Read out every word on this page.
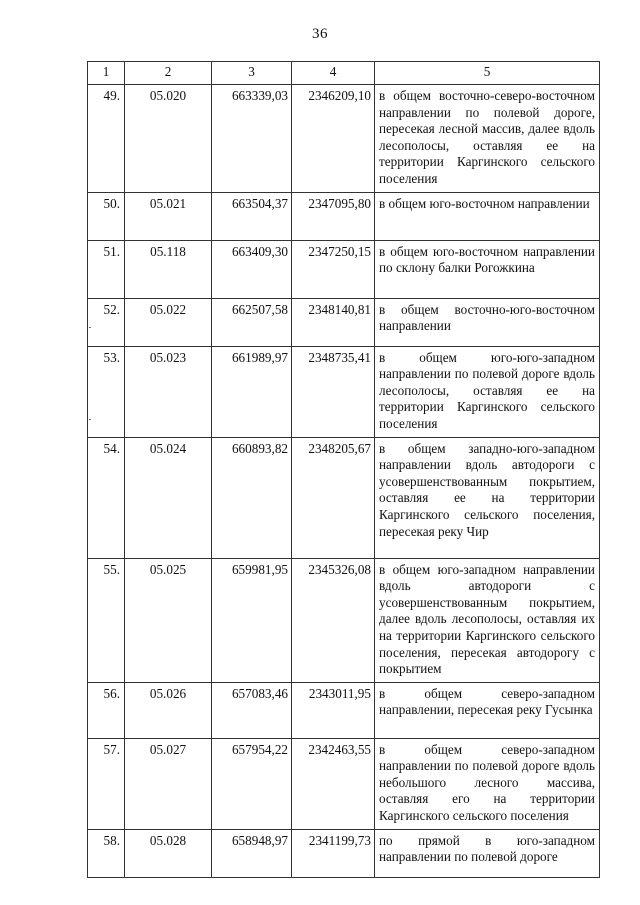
36
1	2	3	4	5
49.	05.020	663339,03	2346209,10	в общем восточно-северо-восточном направлении по полевой дороге, пересекая лесной массив, далее вдоль лесополосы, оставляя ее на территории Каргинского сельского поселения
50.	05.021	663504,37	2347095,80	в общем юго-восточном направлении
51.	05.118	663409,30	2347250,15	в общем юго-восточном направлении по склону балки Рогожкина
52.	05.022	662507,58	2348140,81	в общем восточно-юго-восточном направлении
53.	05.023	661989,97	2348735,41	в общем юго-юго-западном направлении по полевой дороге вдоль лесополосы, оставляя ее на территории Каргинского сельского поселения
54.	05.024	660893,82	2348205,67	в общем западно-юго-западном направлении вдоль автодороги с усовершенствованным покрытием, оставляя ее на территории Каргинского сельского поселения, пересекая реку Чир
55.	05.025	659981,95	2345326,08	в общем юго-западном направлении вдоль автодороги с усовершенствованным покрытием, далее вдоль лесополосы, оставляя их на территории Каргинского сельского поселения, пересекая автодорогу с покрытием
56.	05.026	657083,46	2343011,95	в общем северо-западном направлении, пересекая реку Гусынка
57.	05.027	657954,22	2342463,55	в общем северо-западном направлении по полевой дороге вдоль небольшого лесного массива, оставляя его на территории Каргинского сельского поселения
58.	05.028	658948,97	2341199,73	по прямой в юго-западном направлении по полевой дороге
